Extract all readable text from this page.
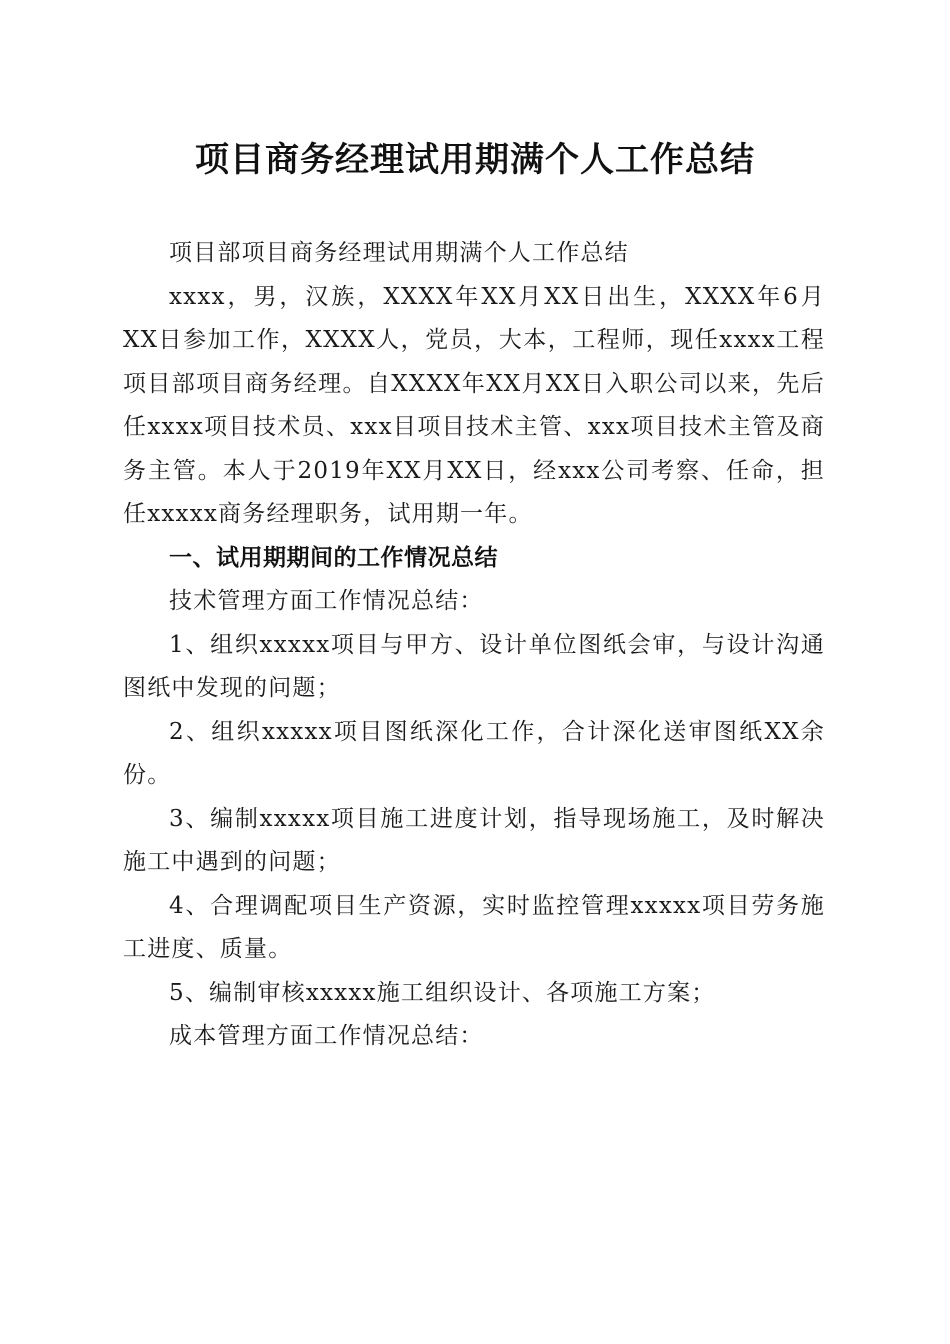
项目商务经理试用期满个人工作总结

项目部项目商务经理试用期满个人工作总结

xxxx，男，汉族，XXXX年XX月XX日出生，XXXX年6月XX日参加工作，XXXX人，党员，大本，工程师，现任xxxx工程项目部项目商务经理。自XXXX年XX月XX日入职公司以来，先后任xxxx项目技术员、xxx目项目技术主管、xxx项目技术主管及商务主管。本人于2019年XX月XX日，经xxx公司考察、任命，担任xxxxx商务经理职务，试用期一年。

一、试用期期间的工作情况总结

技术管理方面工作情况总结：

1、组织xxxxx项目与甲方、设计单位图纸会审，与设计沟通图纸中发现的问题；

2、组织xxxxx项目图纸深化工作，合计深化送审图纸XX余份。

3、编制xxxxx项目施工进度计划，指导现场施工，及时解决施工中遇到的问题；

4、合理调配项目生产资源，实时监控管理xxxxx项目劳务施工进度、质量。

5、编制审核xxxxx施工组织设计、各项施工方案；

成本管理方面工作情况总结：
